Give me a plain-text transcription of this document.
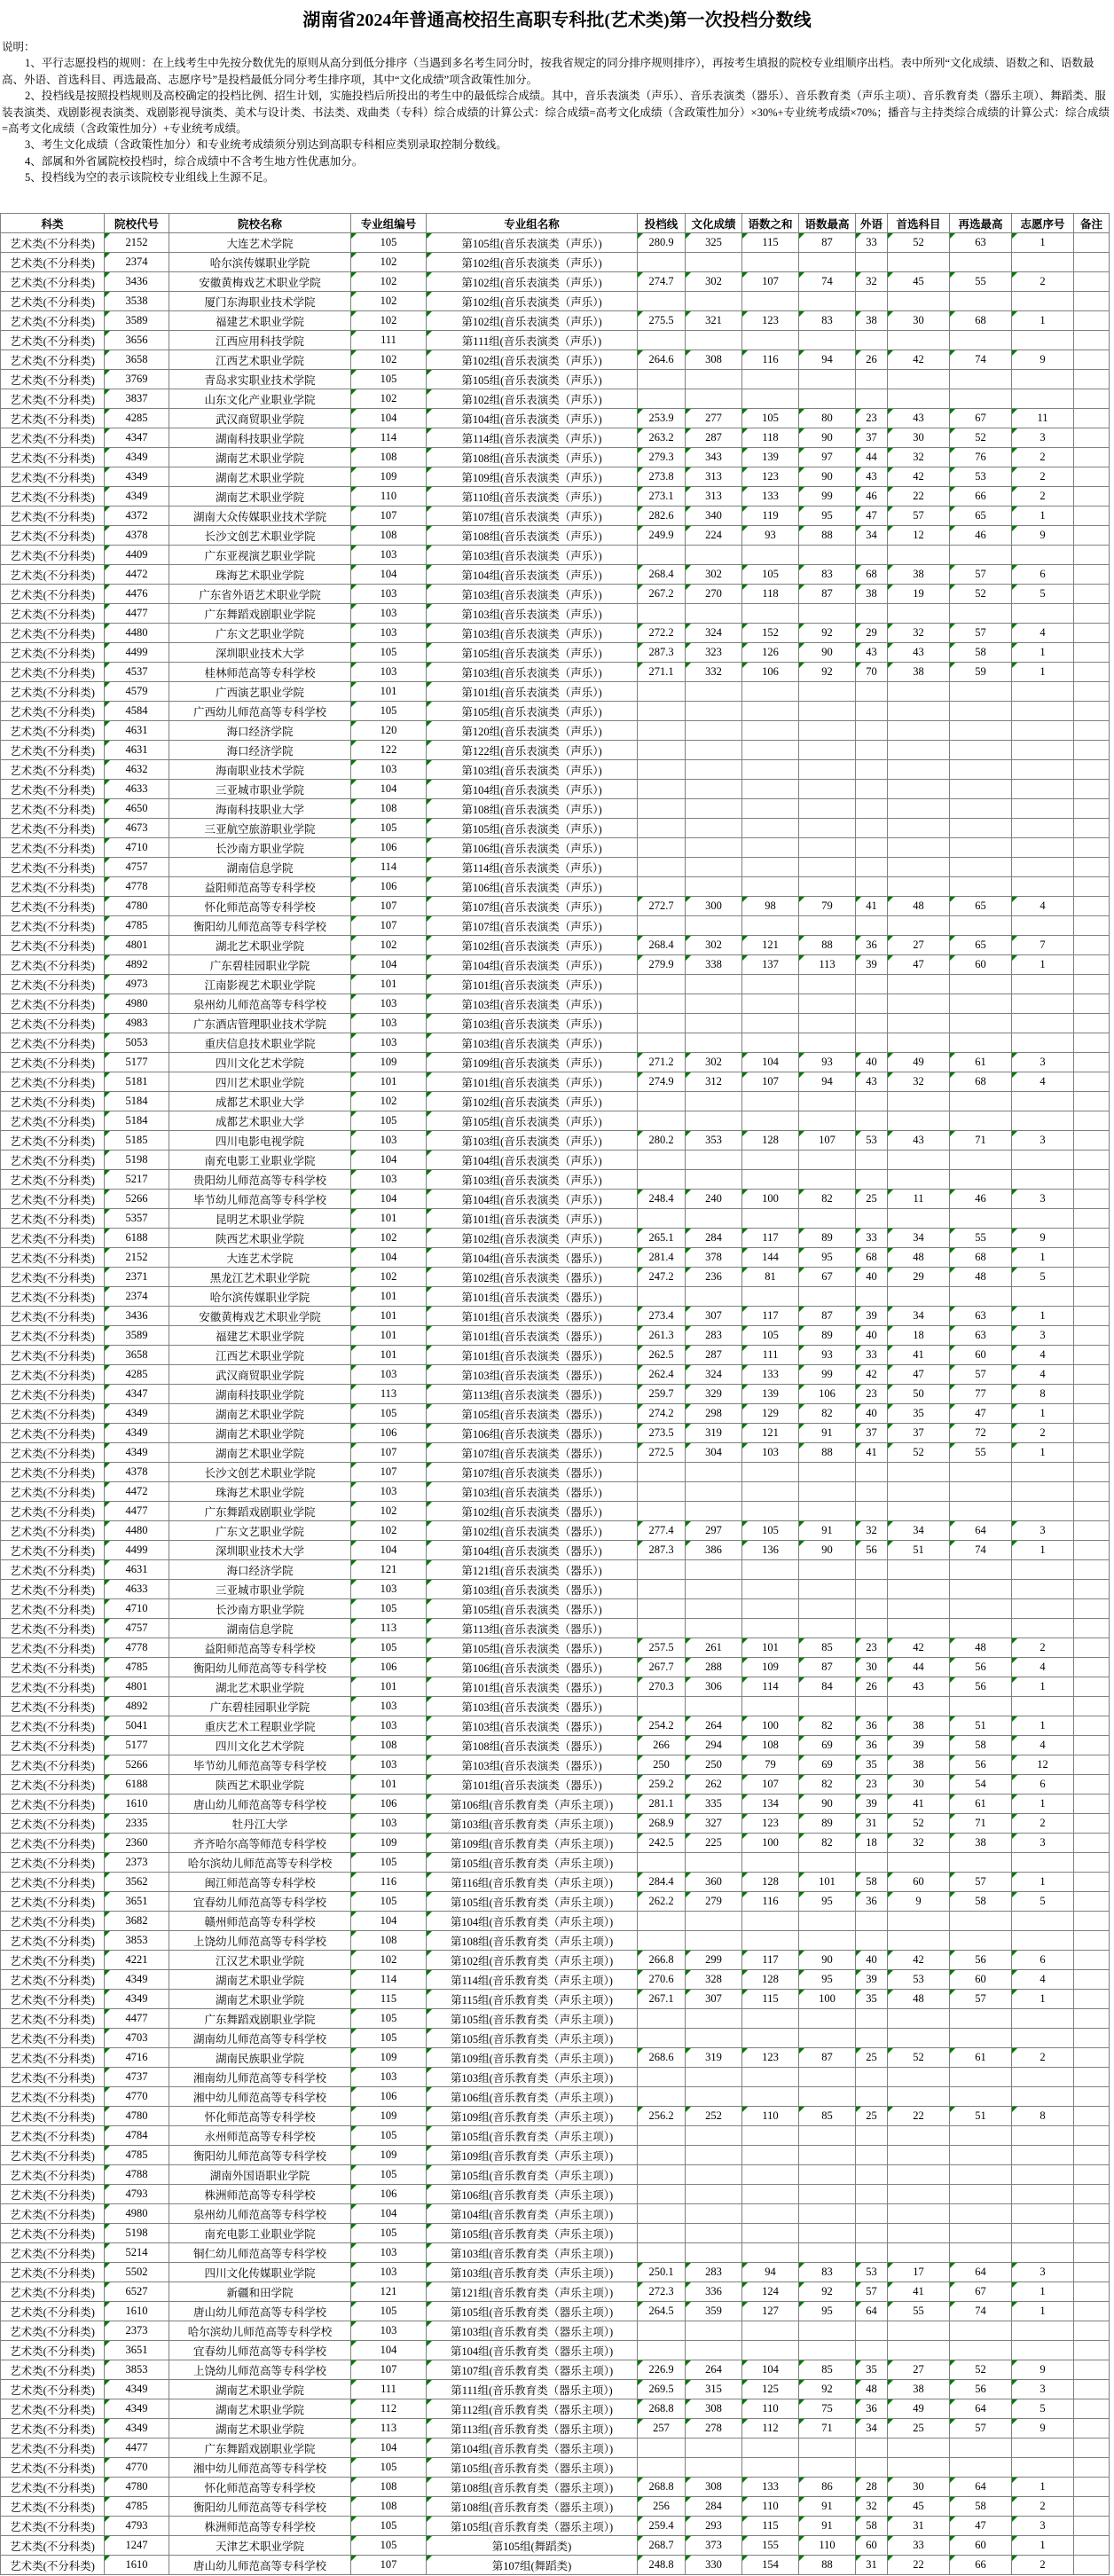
湖南省2024年普通高校招生高职专科批(艺术类)第一次投档分数线
说明：
1、平行志愿投档的规则：在上线考生中先按分数优先的原则从高分到低分排序（当遇到多名考生同分时，按我省规定的同分排序规则排序），再按考生填报的院校专业组顺序出档。表中所列“文化成绩、语数之和、语数最高、外语、首选科目、再选最高、志愿序号”是投档最低分同分考生排序项，其中“文化成绩”项含政策性加分。
2、投档线是按照投档规则及高校确定的投档比例、招生计划，实施投档后所投出的考生中的最低综合成绩。其中，音乐表演类（声乐）、音乐表演类（器乐）、音乐教育类（声乐主项）、音乐教育类（器乐主项）、舞蹈类、服装表演类、戏剧影视表演类、戏剧影视导演类、美术与设计类、书法类、戏曲类（专科）综合成绩的计算公式：综合成绩=高考文化成绩（含政策性加分）×30%+专业统考成绩×70%；播音与主持类综合成绩的计算公式：综合成绩=高考文化成绩（含政策性加分）+专业统考成绩。
3、考生文化成绩（含政策性加分）和专业统考成绩须分别达到高职专科相应类别录取控制分数线。
4、部属和外省属院校投档时，综合成绩中不含考生地方性优惠加分。
5、投档线为空的表示该院校专业组线上生源不足。
科类	院校代号	院校名称	专业组编号	专业组名称	投档线	文化成绩	语数之和	语数最高	外语	首选科目	再选最高	志愿序号	备注
艺术类(不分科类)	2152	大连艺术学院	105	第105组(音乐表演类（声乐）)	280.9	325	115	87	33	52	63	1

艺术类(不分科类)	2374	哈尔滨传媒职业学院	102	第102组(音乐表演类（声乐）)

艺术类(不分科类)	3436	安徽黄梅戏艺术职业学院	102	第102组(音乐表演类（声乐）)	274.7	302	107	74	32	45	55	2

艺术类(不分科类)	3538	厦门东海职业技术学院	102	第102组(音乐表演类（声乐）)

艺术类(不分科类)	3589	福建艺术职业学院	102	第102组(音乐表演类（声乐）)	275.5	321	123	83	38	30	68	1

艺术类(不分科类)	3656	江西应用科技学院	111	第111组(音乐表演类（声乐）)

艺术类(不分科类)	3658	江西艺术职业学院	102	第102组(音乐表演类（声乐）)	264.6	308	116	94	26	42	74	9

艺术类(不分科类)	3769	青岛求实职业技术学院	105	第105组(音乐表演类（声乐）)

艺术类(不分科类)	3837	山东文化产业职业学院	102	第102组(音乐表演类（声乐）)

艺术类(不分科类)	4285	武汉商贸职业学院	104	第104组(音乐表演类（声乐）)	253.9	277	105	80	23	43	67	11

艺术类(不分科类)	4347	湖南科技职业学院	114	第114组(音乐表演类（声乐）)	263.2	287	118	90	37	30	52	3

艺术类(不分科类)	4349	湖南艺术职业学院	108	第108组(音乐表演类（声乐）)	279.3	343	139	97	44	32	76	2

艺术类(不分科类)	4349	湖南艺术职业学院	109	第109组(音乐表演类（声乐）)	273.8	313	123	90	43	42	53	2

艺术类(不分科类)	4349	湖南艺术职业学院	110	第110组(音乐表演类（声乐）)	273.1	313	133	99	46	22	66	2

艺术类(不分科类)	4372	湖南大众传媒职业技术学院	107	第107组(音乐表演类（声乐）)	282.6	340	119	95	47	57	65	1

艺术类(不分科类)	4378	长沙文创艺术职业学院	108	第108组(音乐表演类（声乐）)	249.9	224	93	88	34	12	46	9

艺术类(不分科类)	4409	广东亚视演艺职业学院	103	第103组(音乐表演类（声乐）)

艺术类(不分科类)	4472	珠海艺术职业学院	104	第104组(音乐表演类（声乐）)	268.4	302	105	83	68	38	57	6

艺术类(不分科类)	4476	广东省外语艺术职业学院	103	第103组(音乐表演类（声乐）)	267.2	270	118	87	38	19	52	5

艺术类(不分科类)	4477	广东舞蹈戏剧职业学院	103	第103组(音乐表演类（声乐）)

艺术类(不分科类)	4480	广东文艺职业学院	103	第103组(音乐表演类（声乐）)	272.2	324	152	92	29	32	57	4

艺术类(不分科类)	4499	深圳职业技术大学	105	第105组(音乐表演类（声乐）)	287.3	323	126	90	43	43	58	1

艺术类(不分科类)	4537	桂林师范高等专科学校	103	第103组(音乐表演类（声乐）)	271.1	332	106	92	70	38	59	1

艺术类(不分科类)	4579	广西演艺职业学院	101	第101组(音乐表演类（声乐）)

艺术类(不分科类)	4584	广西幼儿师范高等专科学校	105	第105组(音乐表演类（声乐）)

艺术类(不分科类)	4631	海口经济学院	120	第120组(音乐表演类（声乐）)

艺术类(不分科类)	4631	海口经济学院	122	第122组(音乐表演类（声乐）)

艺术类(不分科类)	4632	海南职业技术学院	103	第103组(音乐表演类（声乐）)

艺术类(不分科类)	4633	三亚城市职业学院	104	第104组(音乐表演类（声乐）)

艺术类(不分科类)	4650	海南科技职业大学	108	第108组(音乐表演类（声乐）)

艺术类(不分科类)	4673	三亚航空旅游职业学院	105	第105组(音乐表演类（声乐）)

艺术类(不分科类)	4710	长沙南方职业学院	106	第106组(音乐表演类（声乐）)

艺术类(不分科类)	4757	湖南信息学院	114	第114组(音乐表演类（声乐）)

艺术类(不分科类)	4778	益阳师范高等专科学校	106	第106组(音乐表演类（声乐）)

艺术类(不分科类)	4780	怀化师范高等专科学校	107	第107组(音乐表演类（声乐）)	272.7	300	98	79	41	48	65	4

艺术类(不分科类)	4785	衡阳幼儿师范高等专科学校	107	第107组(音乐表演类（声乐）)

艺术类(不分科类)	4801	湖北艺术职业学院	102	第102组(音乐表演类（声乐）)	268.4	302	121	88	36	27	65	7

艺术类(不分科类)	4892	广东碧桂园职业学院	104	第104组(音乐表演类（声乐）)	279.9	338	137	113	39	47	60	1

艺术类(不分科类)	4973	江南影视艺术职业学院	101	第101组(音乐表演类（声乐）)

艺术类(不分科类)	4980	泉州幼儿师范高等专科学校	103	第103组(音乐表演类（声乐）)

艺术类(不分科类)	4983	广东酒店管理职业技术学院	103	第103组(音乐表演类（声乐）)

艺术类(不分科类)	5053	重庆信息技术职业学院	103	第103组(音乐表演类（声乐）)

艺术类(不分科类)	5177	四川文化艺术学院	109	第109组(音乐表演类（声乐）)	271.2	302	104	93	40	49	61	3

艺术类(不分科类)	5181	四川艺术职业学院	101	第101组(音乐表演类（声乐）)	274.9	312	107	94	43	32	68	4

艺术类(不分科类)	5184	成都艺术职业大学	102	第102组(音乐表演类（声乐）)

艺术类(不分科类)	5184	成都艺术职业大学	105	第105组(音乐表演类（声乐）)

艺术类(不分科类)	5185	四川电影电视学院	103	第103组(音乐表演类（声乐）)	280.2	353	128	107	53	43	71	3

艺术类(不分科类)	5198	南充电影工业职业学院	104	第104组(音乐表演类（声乐）)

艺术类(不分科类)	5217	贵阳幼儿师范高等专科学校	103	第103组(音乐表演类（声乐）)

艺术类(不分科类)	5266	毕节幼儿师范高等专科学校	104	第104组(音乐表演类（声乐）)	248.4	240	100	82	25	11	46	3

艺术类(不分科类)	5357	昆明艺术职业学院	101	第101组(音乐表演类（声乐）)

艺术类(不分科类)	6188	陕西艺术职业学院	102	第102组(音乐表演类（声乐）)	265.1	284	117	89	33	34	55	9

艺术类(不分科类)	2152	大连艺术学院	104	第104组(音乐表演类（器乐）)	281.4	378	144	95	68	48	68	1

艺术类(不分科类)	2371	黑龙江艺术职业学院	102	第102组(音乐表演类（器乐）)	247.2	236	81	67	40	29	48	5

艺术类(不分科类)	2374	哈尔滨传媒职业学院	101	第101组(音乐表演类（器乐）)

艺术类(不分科类)	3436	安徽黄梅戏艺术职业学院	101	第101组(音乐表演类（器乐）)	273.4	307	117	87	39	34	63	1

艺术类(不分科类)	3589	福建艺术职业学院	101	第101组(音乐表演类（器乐）)	261.3	283	105	89	40	18	63	3

艺术类(不分科类)	3658	江西艺术职业学院	101	第101组(音乐表演类（器乐）)	262.5	287	111	93	33	41	60	4

艺术类(不分科类)	4285	武汉商贸职业学院	103	第103组(音乐表演类（器乐）)	262.4	324	133	99	42	47	57	4

艺术类(不分科类)	4347	湖南科技职业学院	113	第113组(音乐表演类（器乐）)	259.7	329	139	106	23	50	77	8

艺术类(不分科类)	4349	湖南艺术职业学院	105	第105组(音乐表演类（器乐）)	274.2	298	129	82	40	35	47	1

艺术类(不分科类)	4349	湖南艺术职业学院	106	第106组(音乐表演类（器乐）)	273.5	319	121	91	37	37	72	2

艺术类(不分科类)	4349	湖南艺术职业学院	107	第107组(音乐表演类（器乐）)	272.5	304	103	88	41	52	55	1

艺术类(不分科类)	4378	长沙文创艺术职业学院	107	第107组(音乐表演类（器乐）)

艺术类(不分科类)	4472	珠海艺术职业学院	103	第103组(音乐表演类（器乐）)

艺术类(不分科类)	4477	广东舞蹈戏剧职业学院	102	第102组(音乐表演类（器乐）)

艺术类(不分科类)	4480	广东文艺职业学院	102	第102组(音乐表演类（器乐）)	277.4	297	105	91	32	34	64	3

艺术类(不分科类)	4499	深圳职业技术大学	104	第104组(音乐表演类（器乐）)	287.3	386	136	90	56	51	74	1

艺术类(不分科类)	4631	海口经济学院	121	第121组(音乐表演类（器乐）)

艺术类(不分科类)	4633	三亚城市职业学院	103	第103组(音乐表演类（器乐）)

艺术类(不分科类)	4710	长沙南方职业学院	105	第105组(音乐表演类（器乐）)

艺术类(不分科类)	4757	湖南信息学院	113	第113组(音乐表演类（器乐）)

艺术类(不分科类)	4778	益阳师范高等专科学校	105	第105组(音乐表演类（器乐）)	257.5	261	101	85	23	42	48	2

艺术类(不分科类)	4785	衡阳幼儿师范高等专科学校	106	第106组(音乐表演类（器乐）)	267.7	288	109	87	30	44	56	4

艺术类(不分科类)	4801	湖北艺术职业学院	101	第101组(音乐表演类（器乐）)	270.3	306	114	84	26	43	56	1

艺术类(不分科类)	4892	广东碧桂园职业学院	103	第103组(音乐表演类（器乐）)

艺术类(不分科类)	5041	重庆艺术工程职业学院	103	第103组(音乐表演类（器乐）)	254.2	264	100	82	36	38	51	1

艺术类(不分科类)	5177	四川文化艺术学院	108	第108组(音乐表演类（器乐）)	266	294	108	69	36	39	58	4

艺术类(不分科类)	5266	毕节幼儿师范高等专科学校	103	第103组(音乐表演类（器乐）)	250	250	79	69	35	38	56	12

艺术类(不分科类)	6188	陕西艺术职业学院	101	第101组(音乐表演类（器乐）)	259.2	262	107	82	23	30	54	6

艺术类(不分科类)	1610	唐山幼儿师范高等专科学校	106	第106组(音乐教育类（声乐主项）)	281.1	335	134	90	39	41	61	1

艺术类(不分科类)	2335	牡丹江大学	103	第103组(音乐教育类（声乐主项）)	268.9	327	123	89	31	52	71	2

艺术类(不分科类)	2360	齐齐哈尔高等师范专科学校	109	第109组(音乐教育类（声乐主项）)	242.5	225	100	82	18	32	38	3

艺术类(不分科类)	2373	哈尔滨幼儿师范高等专科学校	105	第105组(音乐教育类（声乐主项）)

艺术类(不分科类)	3562	闽江师范高等专科学校	116	第116组(音乐教育类（声乐主项）)	284.4	360	128	101	58	60	57	1

艺术类(不分科类)	3651	宜春幼儿师范高等专科学校	105	第105组(音乐教育类（声乐主项）)	262.2	279	116	95	36	9	58	5

艺术类(不分科类)	3682	赣州师范高等专科学校	104	第104组(音乐教育类（声乐主项）)

艺术类(不分科类)	3853	上饶幼儿师范高等专科学校	108	第108组(音乐教育类（声乐主项）)

艺术类(不分科类)	4221	江汉艺术职业学院	102	第102组(音乐教育类（声乐主项）)	266.8	299	117	90	40	42	56	6

艺术类(不分科类)	4349	湖南艺术职业学院	114	第114组(音乐教育类（声乐主项）)	270.6	328	128	95	39	53	60	4

艺术类(不分科类)	4349	湖南艺术职业学院	115	第115组(音乐教育类（声乐主项）)	267.1	307	115	100	35	48	57	1

艺术类(不分科类)	4477	广东舞蹈戏剧职业学院	105	第105组(音乐教育类（声乐主项）)

艺术类(不分科类)	4703	湖南幼儿师范高等专科学校	105	第105组(音乐教育类（声乐主项）)

艺术类(不分科类)	4716	湖南民族职业学院	109	第109组(音乐教育类（声乐主项）)	268.6	319	123	87	25	52	61	2

艺术类(不分科类)	4737	湘南幼儿师范高等专科学校	103	第103组(音乐教育类（声乐主项）)

艺术类(不分科类)	4770	湘中幼儿师范高等专科学校	106	第106组(音乐教育类（声乐主项）)

艺术类(不分科类)	4780	怀化师范高等专科学校	109	第109组(音乐教育类（声乐主项）)	256.2	252	110	85	25	22	51	8

艺术类(不分科类)	4784	永州师范高等专科学校	105	第105组(音乐教育类（声乐主项）)

艺术类(不分科类)	4785	衡阳幼儿师范高等专科学校	109	第109组(音乐教育类（声乐主项）)

艺术类(不分科类)	4788	湖南外国语职业学院	105	第105组(音乐教育类（声乐主项）)

艺术类(不分科类)	4793	株洲师范高等专科学校	106	第106组(音乐教育类（声乐主项）)

艺术类(不分科类)	4980	泉州幼儿师范高等专科学校	104	第104组(音乐教育类（声乐主项）)

艺术类(不分科类)	5198	南充电影工业职业学院	105	第105组(音乐教育类（声乐主项）)

艺术类(不分科类)	5214	铜仁幼儿师范高等专科学校	103	第103组(音乐教育类（声乐主项）)

艺术类(不分科类)	5502	四川文化传媒职业学院	103	第103组(音乐教育类（声乐主项）)	250.1	283	94	83	53	17	64	3

艺术类(不分科类)	6527	新疆和田学院	121	第121组(音乐教育类（声乐主项）)	272.3	336	124	92	57	41	67	1

艺术类(不分科类)	1610	唐山幼儿师范高等专科学校	105	第105组(音乐教育类（器乐主项）)	264.5	359	127	95	64	55	74	1

艺术类(不分科类)	2373	哈尔滨幼儿师范高等专科学校	103	第103组(音乐教育类（器乐主项）)

艺术类(不分科类)	3651	宜春幼儿师范高等专科学校	104	第104组(音乐教育类（器乐主项）)

艺术类(不分科类)	3853	上饶幼儿师范高等专科学校	107	第107组(音乐教育类（器乐主项）)	226.9	264	104	85	35	27	52	9

艺术类(不分科类)	4349	湖南艺术职业学院	111	第111组(音乐教育类（器乐主项）)	269.5	315	125	92	48	38	56	3

艺术类(不分科类)	4349	湖南艺术职业学院	112	第112组(音乐教育类（器乐主项）)	268.8	308	110	75	36	49	64	5

艺术类(不分科类)	4349	湖南艺术职业学院	113	第113组(音乐教育类（器乐主项）)	257	278	112	71	34	25	57	9

艺术类(不分科类)	4477	广东舞蹈戏剧职业学院	104	第104组(音乐教育类（器乐主项）)

艺术类(不分科类)	4770	湘中幼儿师范高等专科学校	105	第105组(音乐教育类（器乐主项）)

艺术类(不分科类)	4780	怀化师范高等专科学校	108	第108组(音乐教育类（器乐主项）)	268.8	308	133	86	28	30	64	1

艺术类(不分科类)	4785	衡阳幼儿师范高等专科学校	108	第108组(音乐教育类（器乐主项）)	256	284	110	91	32	45	58	2

艺术类(不分科类)	4793	株洲师范高等专科学校	105	第105组(音乐教育类（器乐主项）)	259.4	293	115	91	58	31	47	3

艺术类(不分科类)	1247	天津艺术职业学院	105	第105组(舞蹈类)	268.7	373	155	110	60	33	60	1

艺术类(不分科类)	1610	唐山幼儿师范高等专科学校	107	第107组(舞蹈类)	248.8	330	154	88	31	22	66	2
